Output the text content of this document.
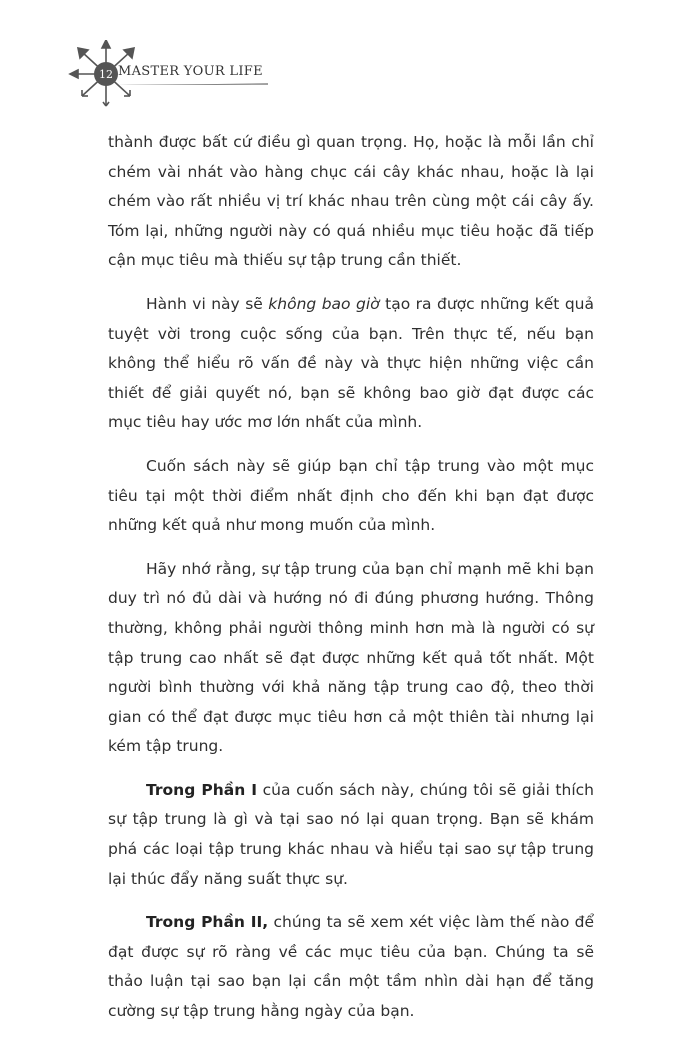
12 MASTER YOUR LIFE

thành được bất cứ điều gì quan trọng. Họ, hoặc là mỗi lần chỉ chém vài nhát vào hàng chục cái cây khác nhau, hoặc là lại chém vào rất nhiều vị trí khác nhau trên cùng một cái cây ấy. Tóm lại, những người này có quá nhiều mục tiêu hoặc đã tiếp cận mục tiêu mà thiếu sự tập trung cần thiết.

Hành vi này sẽ không bao giờ tạo ra được những kết quả tuyệt vời trong cuộc sống của bạn. Trên thực tế, nếu bạn không thể hiểu rõ vấn đề này và thực hiện những việc cần thiết để giải quyết nó, bạn sẽ không bao giờ đạt được các mục tiêu hay ước mơ lớn nhất của mình.

Cuốn sách này sẽ giúp bạn chỉ tập trung vào một mục tiêu tại một thời điểm nhất định cho đến khi bạn đạt được những kết quả như mong muốn của mình.

Hãy nhớ rằng, sự tập trung của bạn chỉ mạnh mẽ khi bạn duy trì nó đủ dài và hướng nó đi đúng phương hướng. Thông thường, không phải người thông minh hơn mà là người có sự tập trung cao nhất sẽ đạt được những kết quả tốt nhất. Một người bình thường với khả năng tập trung cao độ, theo thời gian có thể đạt được mục tiêu hơn cả một thiên tài nhưng lại kém tập trung.

Trong Phần I của cuốn sách này, chúng tôi sẽ giải thích sự tập trung là gì và tại sao nó lại quan trọng. Bạn sẽ khám phá các loại tập trung khác nhau và hiểu tại sao sự tập trung lại thúc đẩy năng suất thực sự.

Trong Phần II, chúng ta sẽ xem xét việc làm thế nào để đạt được sự rõ ràng về các mục tiêu của bạn. Chúng ta sẽ thảo luận tại sao bạn lại cần một tầm nhìn dài hạn để tăng cường sự tập trung hằng ngày của bạn.
